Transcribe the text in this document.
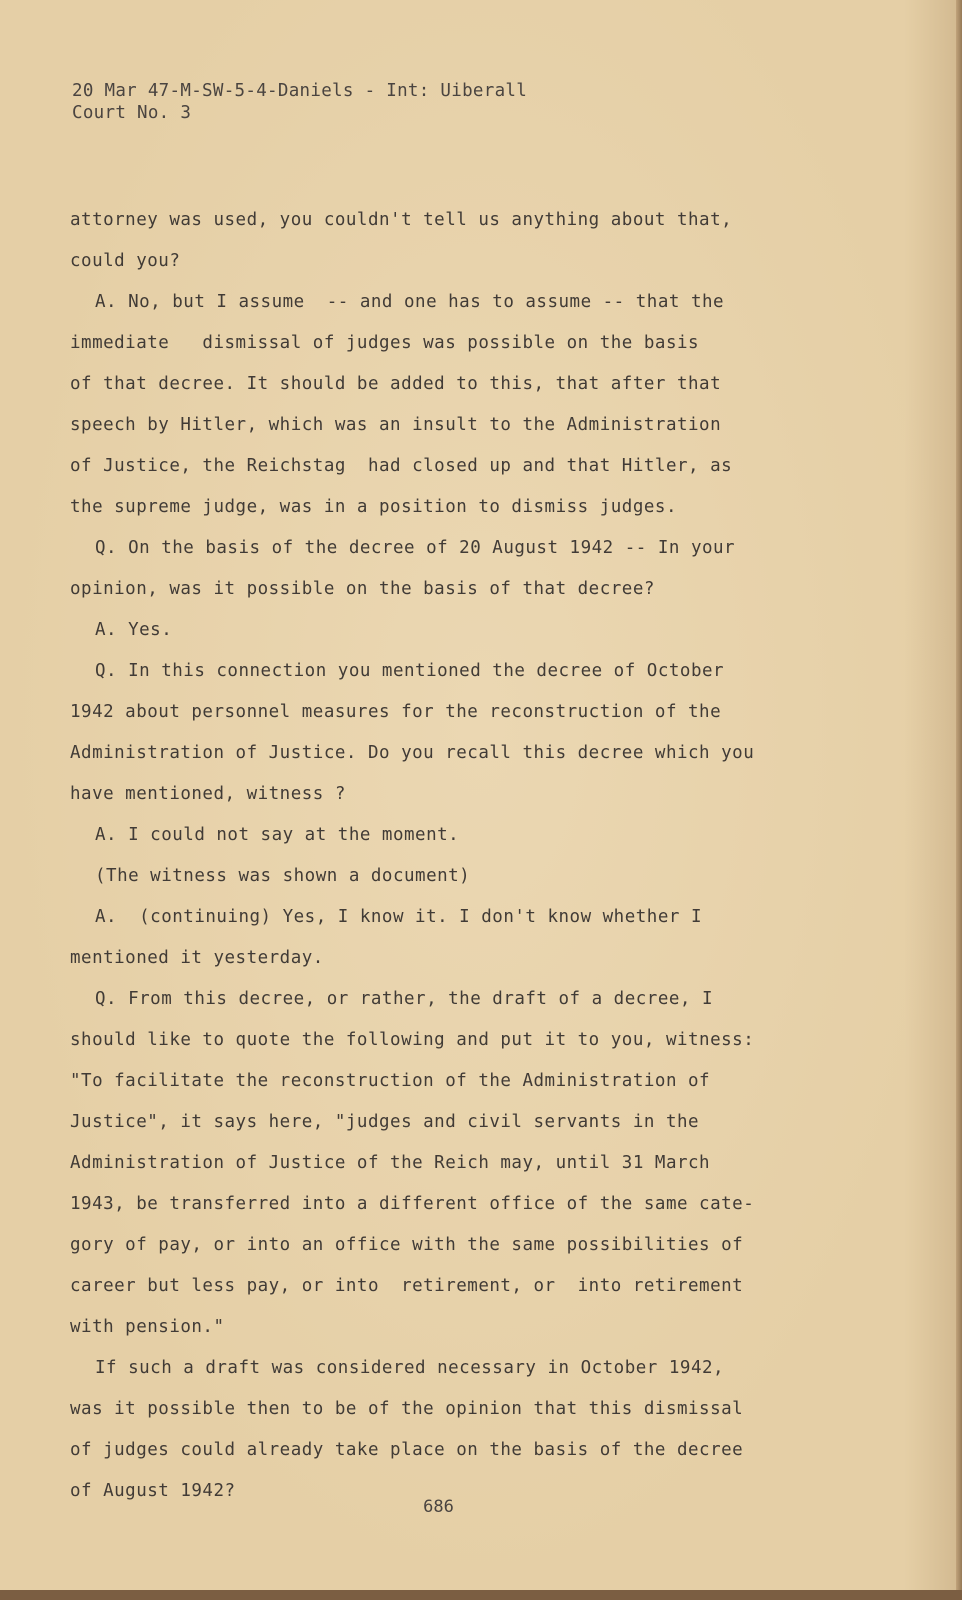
20 Mar 47-M-SW-5-4-Daniels - Int: Uiberall
Court No. 3
attorney was used, you couldn't tell us anything about that,
could you?
A. No, but I assume  -- and one has to assume -- that the
immediate   dismissal of judges was possible on the basis
of that decree. It should be added to this, that after that
speech by Hitler, which was an insult to the Administration
of Justice, the Reichstag  had closed up and that Hitler, as
the supreme judge, was in a position to dismiss judges.
Q. On the basis of the decree of 20 August 1942 -- In your
opinion, was it possible on the basis of that decree?
A. Yes.
Q. In this connection you mentioned the decree of October
1942 about personnel measures for the reconstruction of the
Administration of Justice. Do you recall this decree which you
have mentioned, witness ?
A. I could not say at the moment.
(The witness was shown a document)
A.  (continuing) Yes, I know it. I don't know whether I
mentioned it yesterday.
Q. From this decree, or rather, the draft of a decree, I
should like to quote the following and put it to you, witness:
"To facilitate the reconstruction of the Administration of
Justice", it says here, "judges and civil servants in the
Administration of Justice of the Reich may, until 31 March
1943, be transferred into a different office of the same cate-
gory of pay, or into an office with the same possibilities of
career but less pay, or into  retirement, or  into retirement
with pension."
If such a draft was considered necessary in October 1942,
was it possible then to be of the opinion that this dismissal
of judges could already take place on the basis of the decree
of August 1942?
686
